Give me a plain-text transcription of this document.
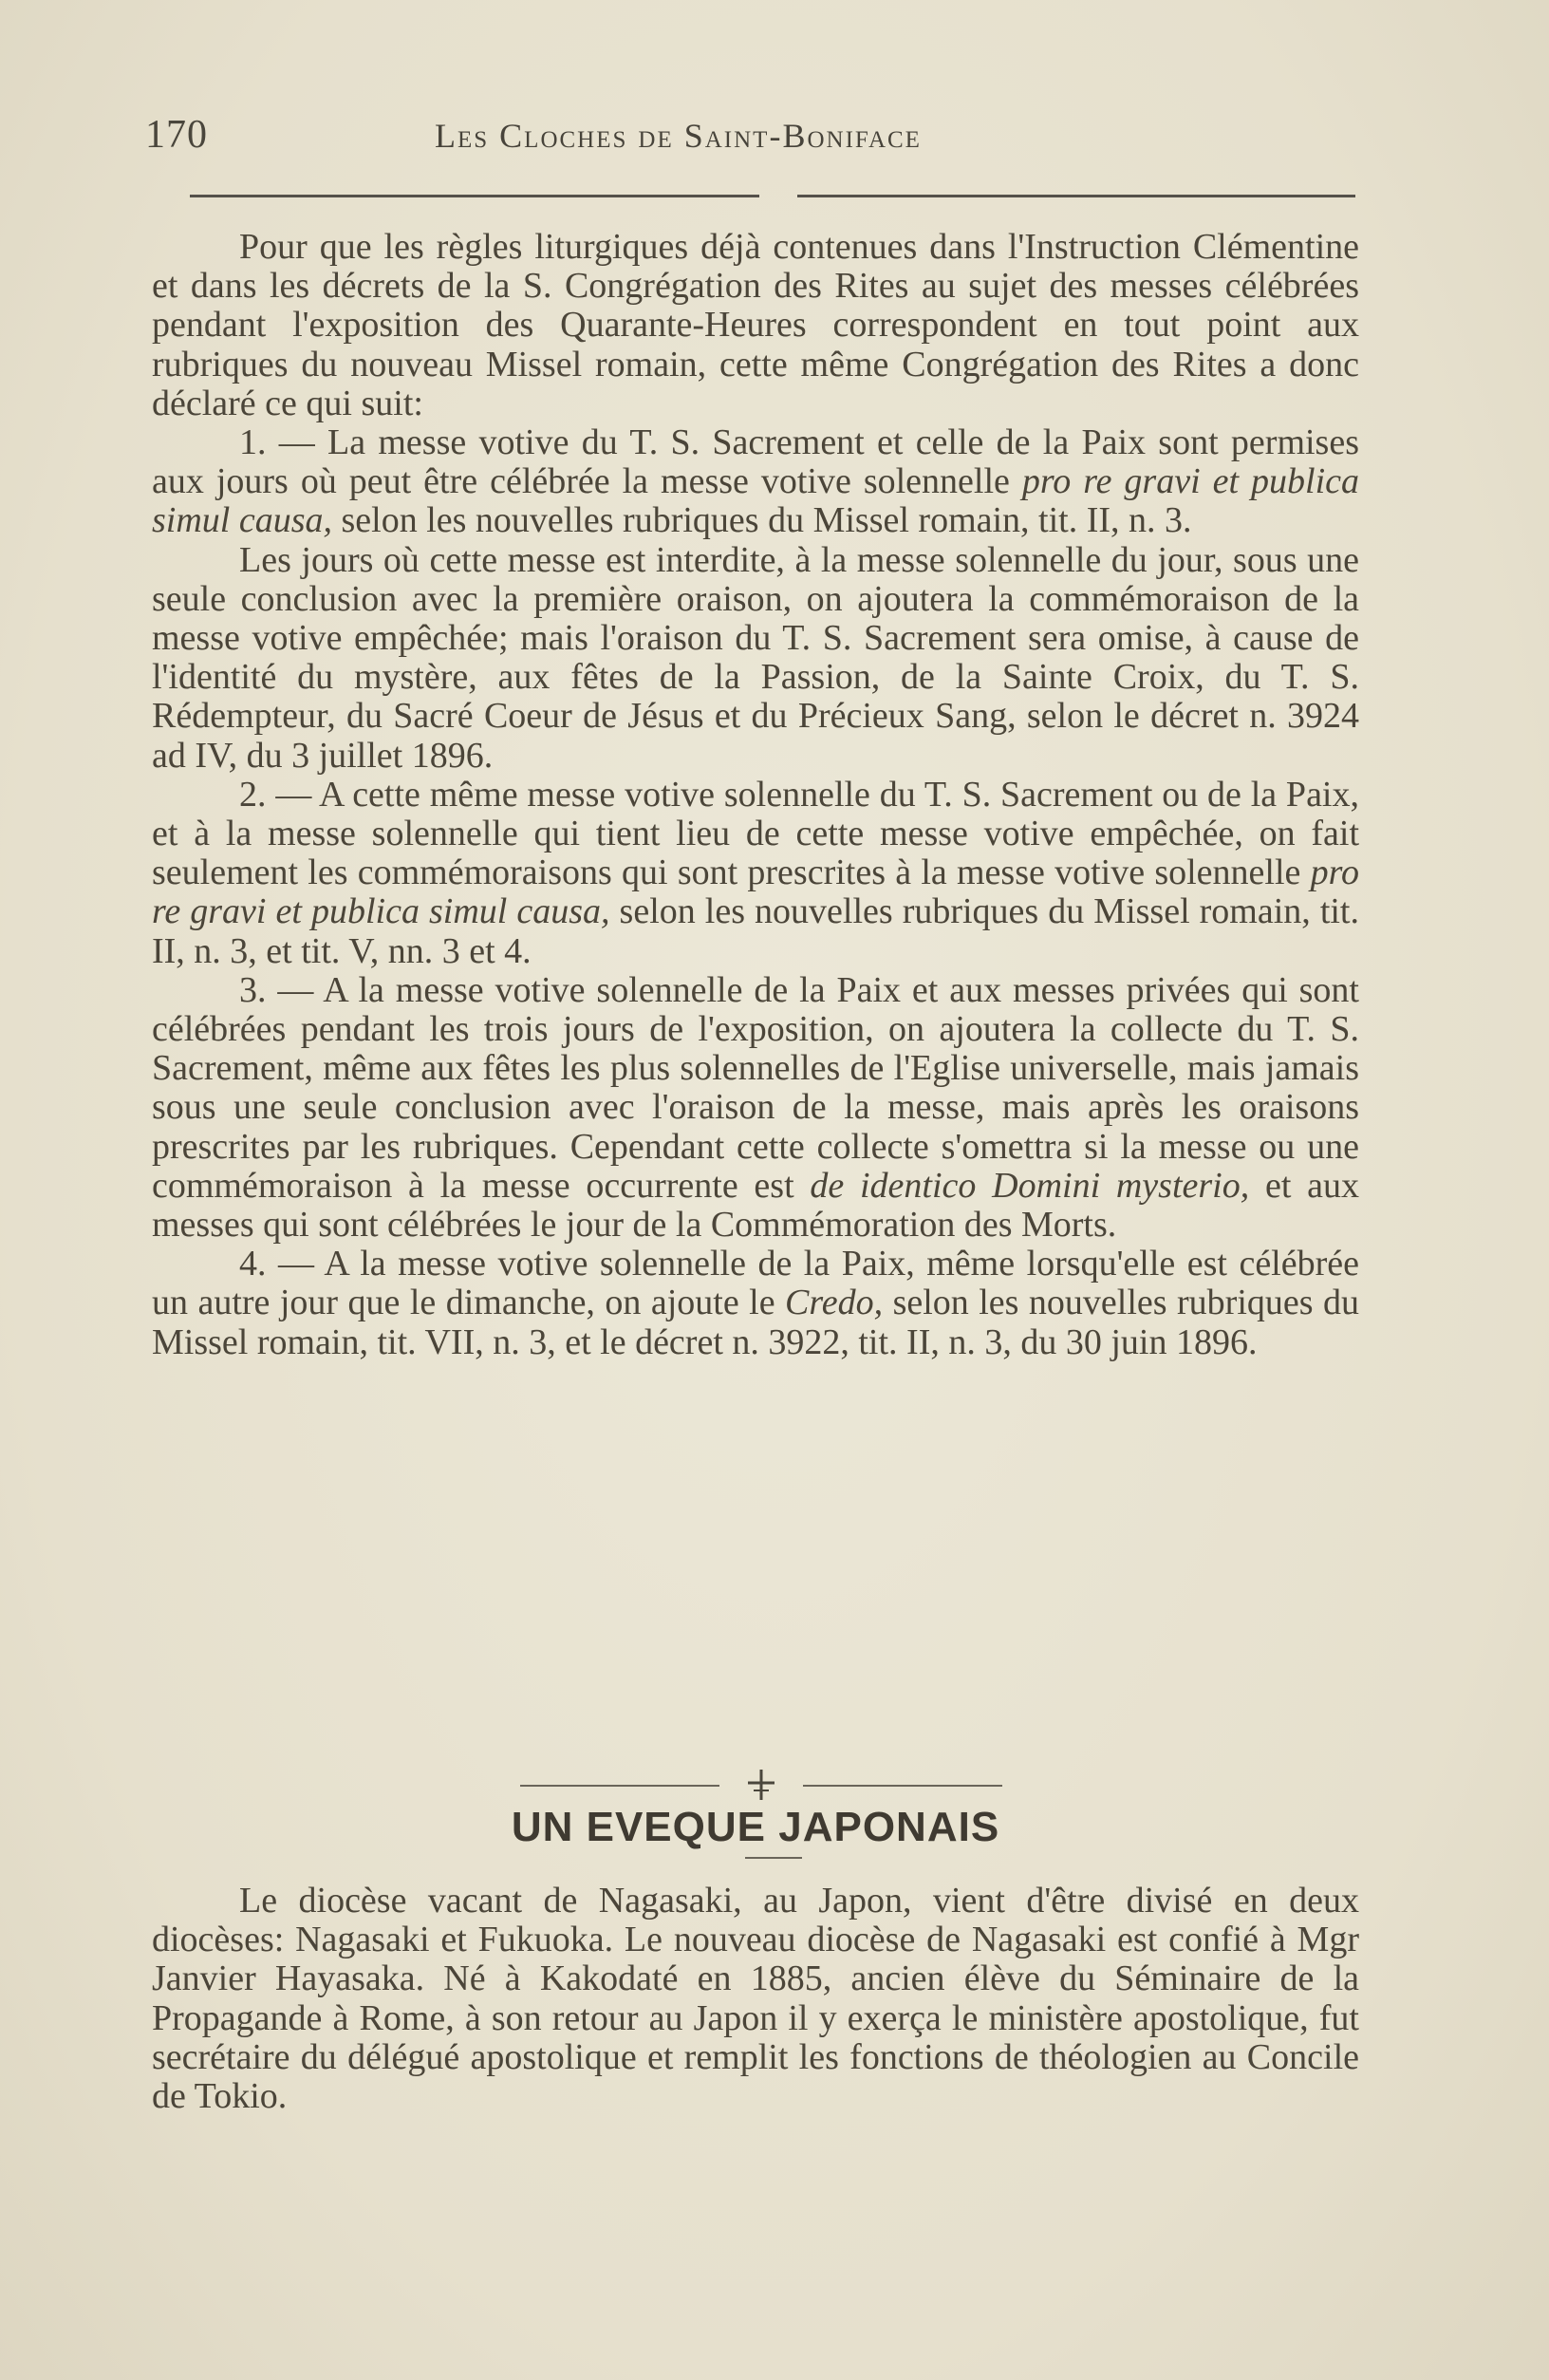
170	Les Cloches de Saint-Boniface

Pour que les règles liturgiques déjà contenues dans l'Instruction Clémentine et dans les décrets de la S. Congrégation des Rites au sujet des messes célébrées pendant l'exposition des Quarante-Heures correspondent en tout point aux rubriques du nouveau Missel romain, cette même Congrégation des Rites a donc déclaré ce qui suit:

1. — La messe votive du T. S. Sacrement et celle de la Paix sont permises aux jours où peut être célébrée la messe votive solennelle pro re gravi et publica simul causa, selon les nouvelles rubriques du Missel romain, tit. II, n. 3.

Les jours où cette messe est interdite, à la messe solennelle du jour, sous une seule conclusion avec la première oraison, on ajoutera la commémoraison de la messe votive empêchée; mais l'oraison du T. S. Sacrement sera omise, à cause de l'identité du mystère, aux fêtes de la Passion, de la Sainte Croix, du T. S. Rédempteur, du Sacré Coeur de Jésus et du Précieux Sang, selon le décret n. 3924 ad IV, du 3 juillet 1896.

2. — A cette même messe votive solennelle du T. S. Sacrement ou de la Paix, et à la messe solennelle qui tient lieu de cette messe votive empêchée, on fait seulement les commémoraisons qui sont prescrites à la messe votive solennelle pro re gravi et publica simul causa, selon les nouvelles rubriques du Missel romain, tit. II, n. 3, et tit. V, nn. 3 et 4.

3. — A la messe votive solennelle de la Paix et aux messes privées qui sont célébrées pendant les trois jours de l'exposition, on ajoutera la collecte du T. S. Sacrement, même aux fêtes les plus solennelles de l'Eglise universelle, mais jamais sous une seule conclusion avec l'oraison de la messe, mais après les oraisons prescrites par les rubriques. Cependant cette collecte s'omettra si la messe ou une commémoraison à la messe occurrente est de identico Domini mysterio, et aux messes qui sont célébrées le jour de la Commémoration des Morts.

4. — A la messe votive solennelle de la Paix, même lorsqu'elle est célébrée un autre jour que le dimanche, on ajoute le Credo, selon les nouvelles rubriques du Missel romain, tit. VII, n. 3, et le décret n. 3922, tit. II, n. 3, du 30 juin 1896.

UN EVEQUE JAPONAIS

Le diocèse vacant de Nagasaki, au Japon, vient d'être divisé en deux diocèses: Nagasaki et Fukuoka. Le nouveau diocèse de Nagasaki est confié à Mgr Janvier Hayasaka. Né à Kakodaté en 1885, ancien élève du Séminaire de la Propagande à Rome, à son retour au Japon il y exerça le ministère apostolique, fut secrétaire du délégué apostolique et remplit les fonctions de théologien au Concile de Tokio.
